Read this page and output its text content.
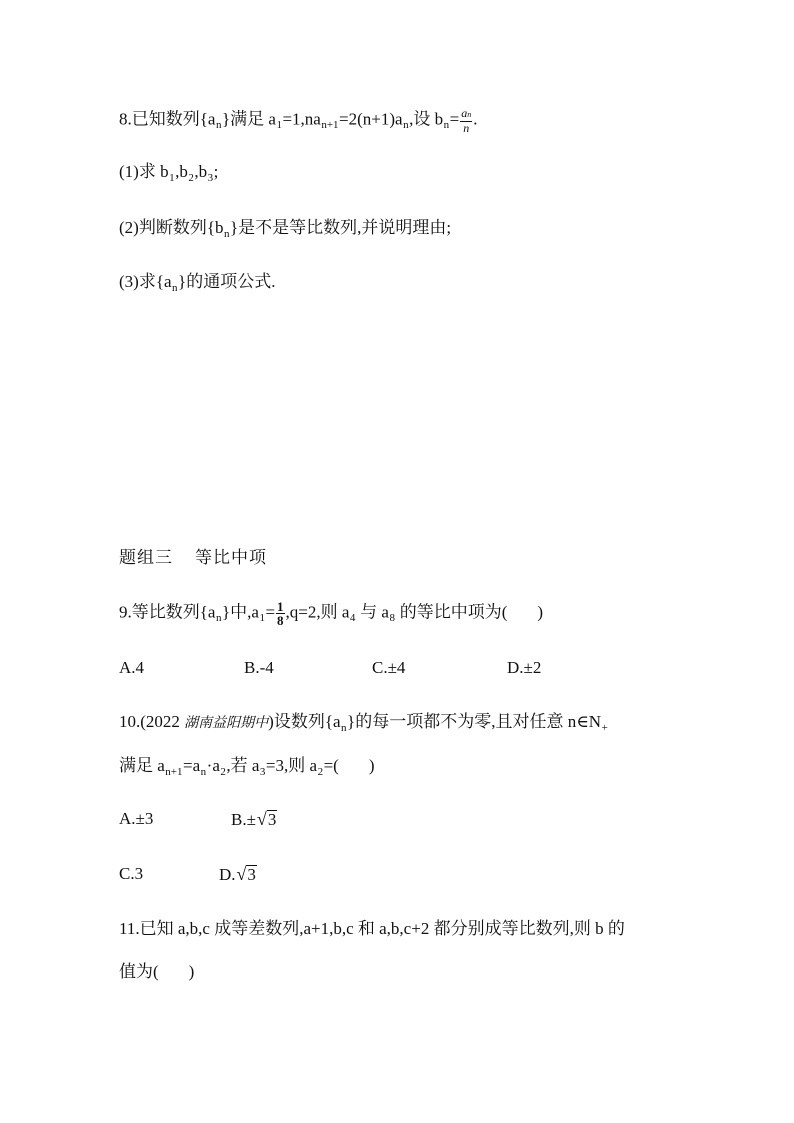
8.已知数列$\{a_n\}$满足 $a_1=1,na_{n+1}=2(n+1)a_n$,设 $b_n= \frac{an}{n}$ .
(1)求 $b_1,b_2,b_3$;
(2)判断数列$\{b_n\}$是不是等比数列,并说明理由;
(3)求$\{a_n\}$的通项公式.
题组三 等比中项
9.等比数列$\{a_n\}$中$,a_1= \frac{1}{8} ,q=2$,则 $a_4$ 与 $a_8$ 的等比中项为( )
A.4	B.-4	C.±4	D.±2
10.(2022 湖南益阳期中)设数列$\{a_n\}$的每一项都不为零,且对任意 $n\in N_+$
满足 $a_{n+1}=a_n\cdot a_2$,若 $a_3=3$,则 $a_2=$( )
A.±3	B.±√3
C.3	D.√3
11.已知 a,b,c 成等差数列,a+1,b,c 和 a,b,c+2 都分别成等比数列,则 b 的
值为( )
